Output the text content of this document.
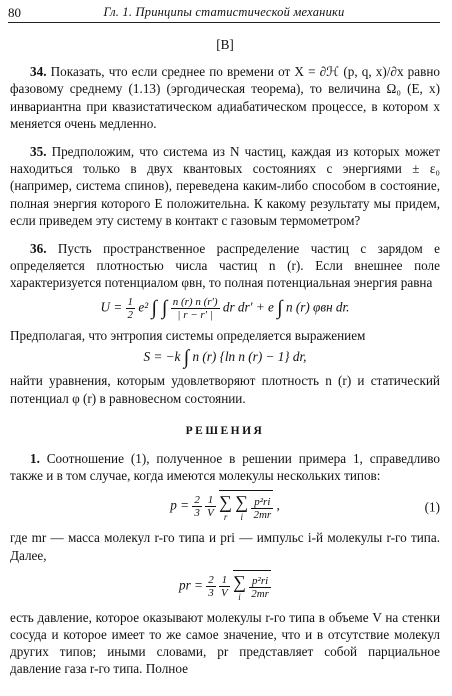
80	Гл. 1. Принципы статистической механики
[B]

34. Показать, что если среднее по времени от X = ∂ℋ (p, q, x)/∂x равно фазовому среднему (1.13) (эргодическая теорема), то величина Ω₀ (E, x) инвариантна при квазистатическом адиабатическом процессе, в котором x меняется очень медленно.

35. Предположим, что система из N частиц, каждая из которых может находиться только в двух квантовых состояниях с энергиями ± ε₀ (например, система спинов), переведена каким-либо способом в состояние, полная энергия которого E положительна. К какому результату мы придем, если приведем эту систему в контакт с газовым термометром?

36. Пусть пространственное распределение частиц с зарядом e определяется плотностью числа частиц n (r). Если внешнее поле характеризуется потенциалом φвн, то полная потенциальная энергия равна

$U = \frac{1}{2} e^2$ ∫ ∫ $\frac{n (r) n (r')}{| r - r' |}$ dr dr′ + e ∫ n (r) φвн dr.

Предполагая, что энтропия системы определяется выражением

S = −k ∫ n (r) {ln n (r) − 1} dr,

найти уравнения, которым удовлетворяют плотность n (r) и статический потенциал φ (r) в равновесном состоянии.

РЕШЕНИЯ

1. Соотношение (1), полученное в решении примера 1, справедливо также и в том случае, когда имеются молекулы нескольких типов:

$p = \frac{2}{3}$
$\frac{1}{V}$
∑
r

∑
i
$\frac{\text{p²ri}}{2mr}$ ,	(1)

где mr — масса молекул r-го типа и pri — импульс i-й молекулы r-го типа. Далее,

pr = $\frac{2}{3}$
$\frac{1}{V}$
∑
i
$\frac{\text{p²ri}}{2mr}$

есть давление, которое оказывают молекулы r-го типа в объеме V на стенки сосуда и которое имеет то же самое значение, что и в отсутствие молекул других типов; иными словами, pr представляет собой парциальное давление газа r-го типа. Полное
